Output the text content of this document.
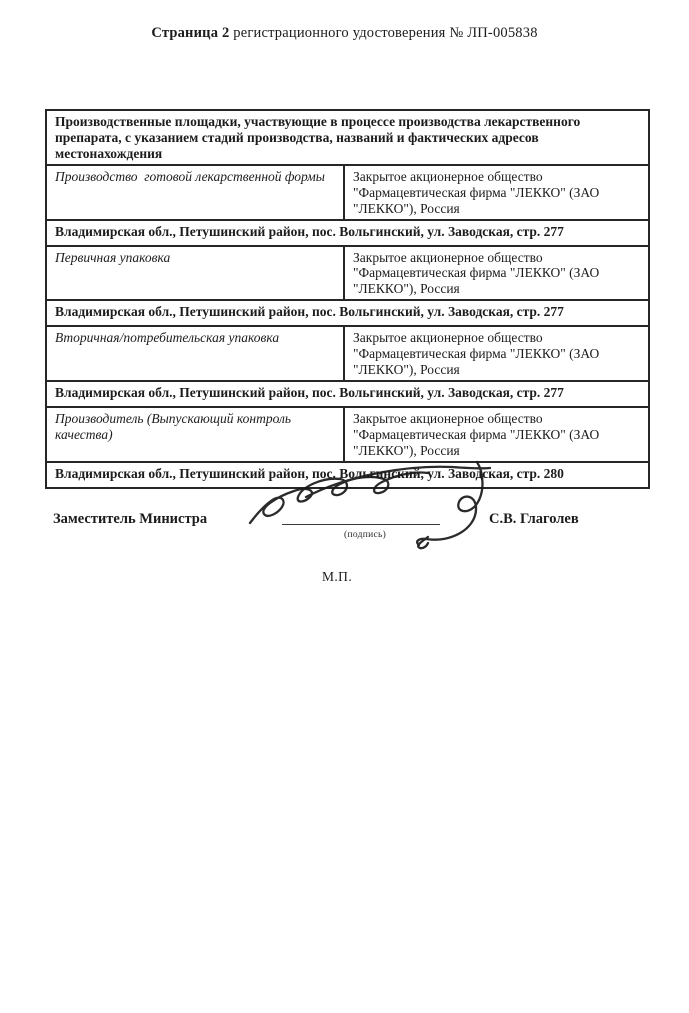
Страница 2 регистрационного удостоверения № ЛП-005838
Производственные площадки, участвующие в процессе производства лекарственного препарата, с указанием стадий производства, названий и фактических адресов местонахождения	
Производство  готовой лекарственной формы	Закрытое акционерное общество "Фармацевтическая фирма "ЛЕККО" (ЗАО "ЛЕККО"), Россия
Владимирская обл., Петушинский район, пос. Вольгинский, ул. Заводская, стр. 277	
Первичная упаковка	Закрытое акционерное общество "Фармацевтическая фирма "ЛЕККО" (ЗАО "ЛЕККО"), Россия
Владимирская обл., Петушинский район, пос. Вольгинский, ул. Заводская, стр. 277	
Вторичная/потребительская упаковка	Закрытое акционерное общество "Фармацевтическая фирма "ЛЕККО" (ЗАО "ЛЕККО"), Россия
Владимирская обл., Петушинский район, пос. Вольгинский, ул. Заводская, стр. 277	
Производитель (Выпускающий контроль качества)	Закрытое акционерное общество "Фармацевтическая фирма "ЛЕККО" (ЗАО "ЛЕККО"), Россия
Владимирская обл., Петушинский район, пос. Вольгинский, ул. Заводская, стр. 280	
Заместитель Министра
(подпись)
С.В. Глаголев
М.П.
